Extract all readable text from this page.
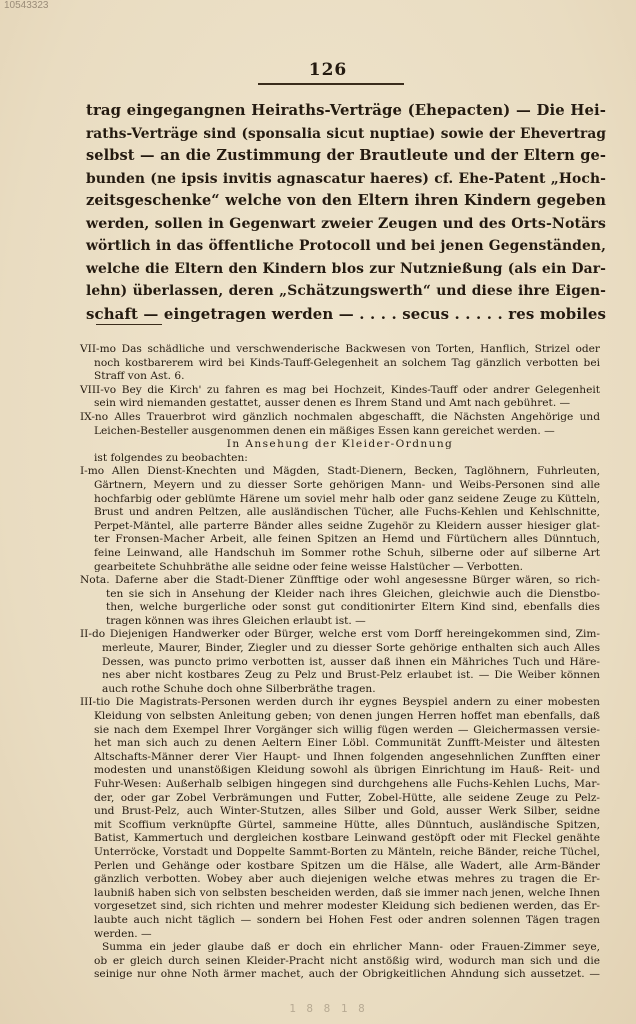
10543323
126
trag eingegangnen Heiraths-Verträge (Ehepacten) — Die Hei-
raths-Verträge sind (sponsalia sicut nuptiae) sowie der Ehevertrag
selbst — an die Zustimmung der Brautleute und der Eltern ge-
bunden (ne ipsis invitis agnascatur haeres) cf. Ehe-Patent „Hoch-
zeitsgeschenke“ welche von den Eltern ihren Kindern gegeben
werden, sollen in Gegenwart zweier Zeugen und des Orts-Notärs
wörtlich in das öffentliche Protocoll und bei jenen Gegenständen,
welche die Eltern den Kindern blos zur Nutznießung (als ein Dar-
lehn) überlassen, deren „Schätzungswerth“ und diese ihre Eigen-
schaft — eingetragen werden — . . . . secus . . . . . res mobiles
VII-mo Das schädliche und verschwenderische Backwesen von Torten, Hanflich, Strizel oder
noch kostbarerem wird bei Kinds-Tauff-Gelegenheit an solchem Tag gänzlich verbotten bei
Straff von Ast. 6.
VIII-vo Bey die Kirch' zu fahren es mag bei Hochzeit, Kindes-Tauff oder andrer Gelegenheit
sein wird niemanden gestattet, ausser denen es Ihrem Stand und Amt nach gebühret. —
IX-no Alles Trauerbrot wird gänzlich nochmalen abgeschafft, die Nächsten Angehörige und
Leichen-Besteller ausgenommen denen ein mäßiges Essen kann gereichet werden. —
In Ansehung der Kleider-Ordnung
ist folgendes zu beobachten:
I-mo Allen Dienst-Knechten und Mägden, Stadt-Dienern, Becken, Taglöhnern, Fuhrleuten,
Gärtnern, Meyern und zu diesser Sorte gehörigen Mann- und Weibs-Personen sind alle
hochfarbig oder geblümte Härene um soviel mehr halb oder ganz seidene Zeuge zu Kütteln,
Brust und andren Peltzen, alle ausländischen Tücher, alle Fuchs-Kehlen und Kehlschnitte,
Perpet-Mäntel, alle parterre Bänder alles seidne Zugehör zu Kleidern ausser hiesiger glat-
ter Fronsen-Macher Arbeit, alle feinen Spitzen an Hemd und Fürtüchern alles Dünntuch,
feine Leinwand, alle Handschuh im Sommer rothe Schuh, silberne oder auf silberne Art
gearbeitete Schuhbräthe alle seidne oder feine weisse Halstücher — Verbotten.
Nota. Daferne aber die Stadt-Diener Zünfftige oder wohl angesessne Bürger wären, so rich-
ten sie sich in Ansehung der Kleider nach ihres Gleichen, gleichwie auch die Dienstbo-
then, welche burgerliche oder sonst gut conditionirter Eltern Kind sind, ebenfalls dies
tragen können was ihres Gleichen erlaubt ist. —
II-do Diejenigen Handwerker oder Bürger, welche erst vom Dorff hereingekommen sind, Zim-
merleute, Maurer, Binder, Ziegler und zu diesser Sorte gehörige enthalten sich auch Alles
Dessen, was puncto primo verbotten ist, ausser daß ihnen ein Mähriches Tuch und Häre-
nes aber nicht kostbares Zeug zu Pelz und Brust-Pelz erlaubet ist. — Die Weiber können
auch rothe Schuhe doch ohne Silberbräthe tragen.
III-tio Die Magistrats-Personen werden durch ihr eygnes Beyspiel andern zu einer mobesten
Kleidung von selbsten Anleitung geben; von denen jungen Herren hoffet man ebenfalls, daß
sie nach dem Exempel Ihrer Vorgänger sich willig fügen werden — Gleichermassen versie-
het man sich auch zu denen Aeltern Einer Löbl. Communität Zunfft-Meister und ältesten
Altschafts-Männer derer Vier Haupt- und Ihnen folgenden angesehnlichen Zunfften einer
modesten und unanstößigen Kleidung sowohl als übrigen Einrichtung im Hauß- Reit- und
Fuhr-Wesen: Außerhalb selbigen hingegen sind durchgehens alle Fuchs-Kehlen Luchs, Mar-
der, oder gar Zobel Verbrämungen und Futter, Zobel-Hütte, alle seidene Zeuge zu Pelz-
und Brust-Pelz, auch Winter-Stutzen, alles Silber und Gold, ausser Werk Silber, seidne
mit Scoffium verknüpfte Gürtel, sammeine Hütte, alles Dünntuch, ausländische Spitzen,
Batist, Kammertuch und dergleichen kostbare Leinwand gestöpft oder mit Fleckel genähte
Unterröcke, Vorstadt und Doppelte Sammt-Borten zu Mänteln, reiche Bänder, reiche Tüchel,
Perlen und Gehänge oder kostbare Spitzen um die Hälse, alle Wadert, alle Arm-Bänder
gänzlich verbotten. Wobey aber auch diejenigen welche etwas mehres zu tragen die Er-
laubniß haben sich von selbsten bescheiden werden, daß sie immer nach jenen, welche Ihnen
vorgesetzet sind, sich richten und mehrer modester Kleidung sich bedienen werden, das Er-
laubte auch nicht täglich — sondern bei Hohen Fest oder andren solennen Tägen tragen
werden. —
Summa ein jeder glaube daß er doch ein ehrlicher Mann- oder Frauen-Zimmer seye,
ob er gleich durch seinen Kleider-Pracht nicht anstößig wird, wodurch man sich und die
seinige nur ohne Noth ärmer machet, auch der Obrigkeitlichen Ahndung sich aussetzet. —
1 8 8 1 8
